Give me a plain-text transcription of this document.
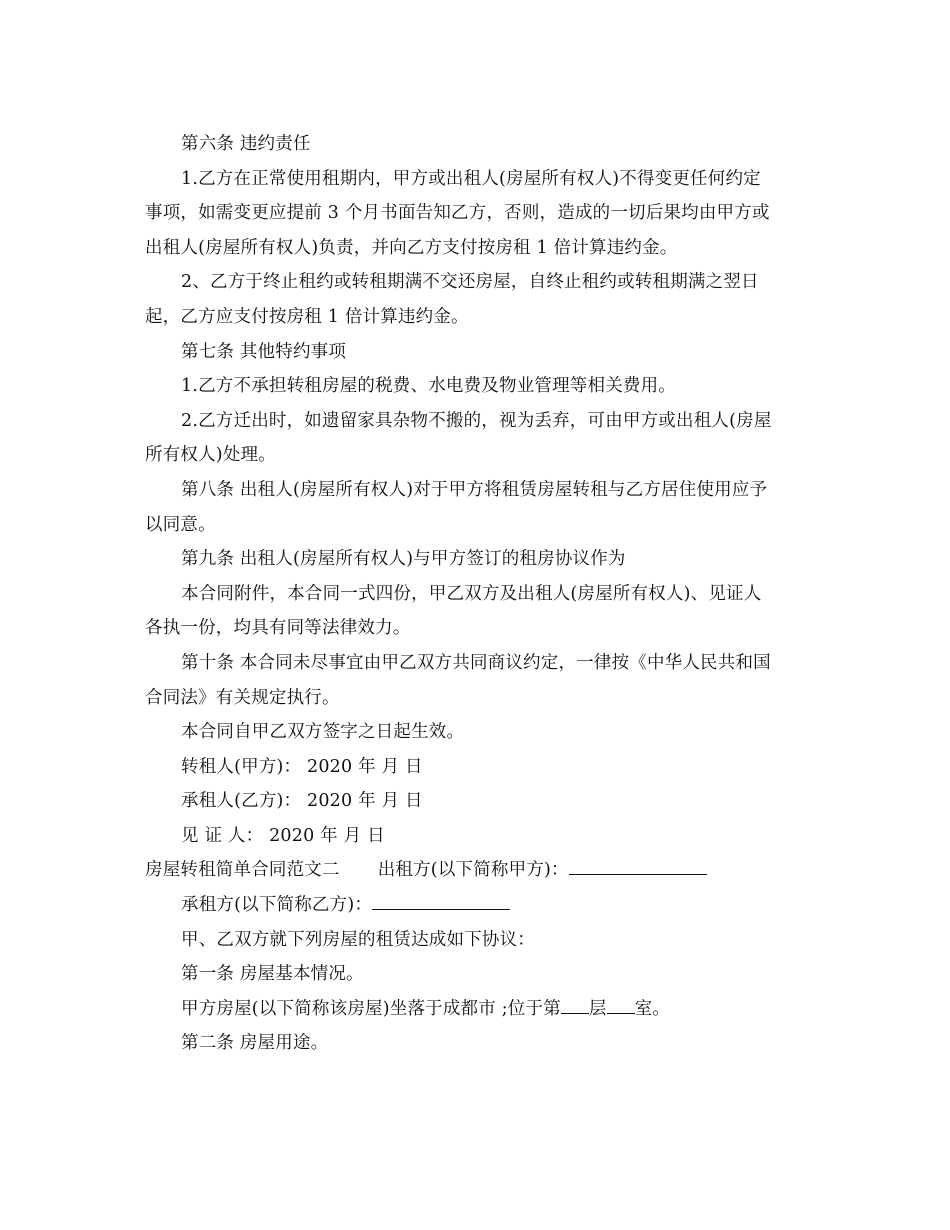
第六条 违约责任
1.乙方在正常使用租期内，甲方或出租人(房屋所有权人)不得变更任何约定
事项，如需变更应提前 3 个月书面告知乙方，否则，造成的一切后果均由甲方或
出租人(房屋所有权人)负责，并向乙方支付按房租 1 倍计算违约金。
2、乙方于终止租约或转租期满不交还房屋，自终止租约或转租期满之翌日
起，乙方应支付按房租 1 倍计算违约金。
第七条 其他特约事项
1.乙方不承担转租房屋的税费、水电费及物业管理等相关费用。
2.乙方迁出时，如遗留家具杂物不搬的，视为丢弃，可由甲方或出租人(房屋
所有权人)处理。
第八条 出租人(房屋所有权人)对于甲方将租赁房屋转租与乙方居住使用应予
以同意。
第九条 出租人(房屋所有权人)与甲方签订的租房协议作为
本合同附件，本合同一式四份，甲乙双方及出租人(房屋所有权人)、见证人
各执一份，均具有同等法律效力。
第十条 本合同未尽事宜由甲乙双方共同商议约定，一律按《中华人民共和国
合同法》有关规定执行。
本合同自甲乙双方签字之日起生效。
转租人(甲方)： 2020 年 月 日
承租人(乙方)： 2020 年 月 日
见 证 人： 2020 年 月 日
房屋转租简单合同范文二 出租方(以下简称甲方)：
承租方(以下简称乙方)：
甲、乙双方就下列房屋的租赁达成如下协议：
第一条 房屋基本情况。
甲方房屋(以下简称该房屋)坐落于成都市 ;位于第 层 室。
第二条 房屋用途。
